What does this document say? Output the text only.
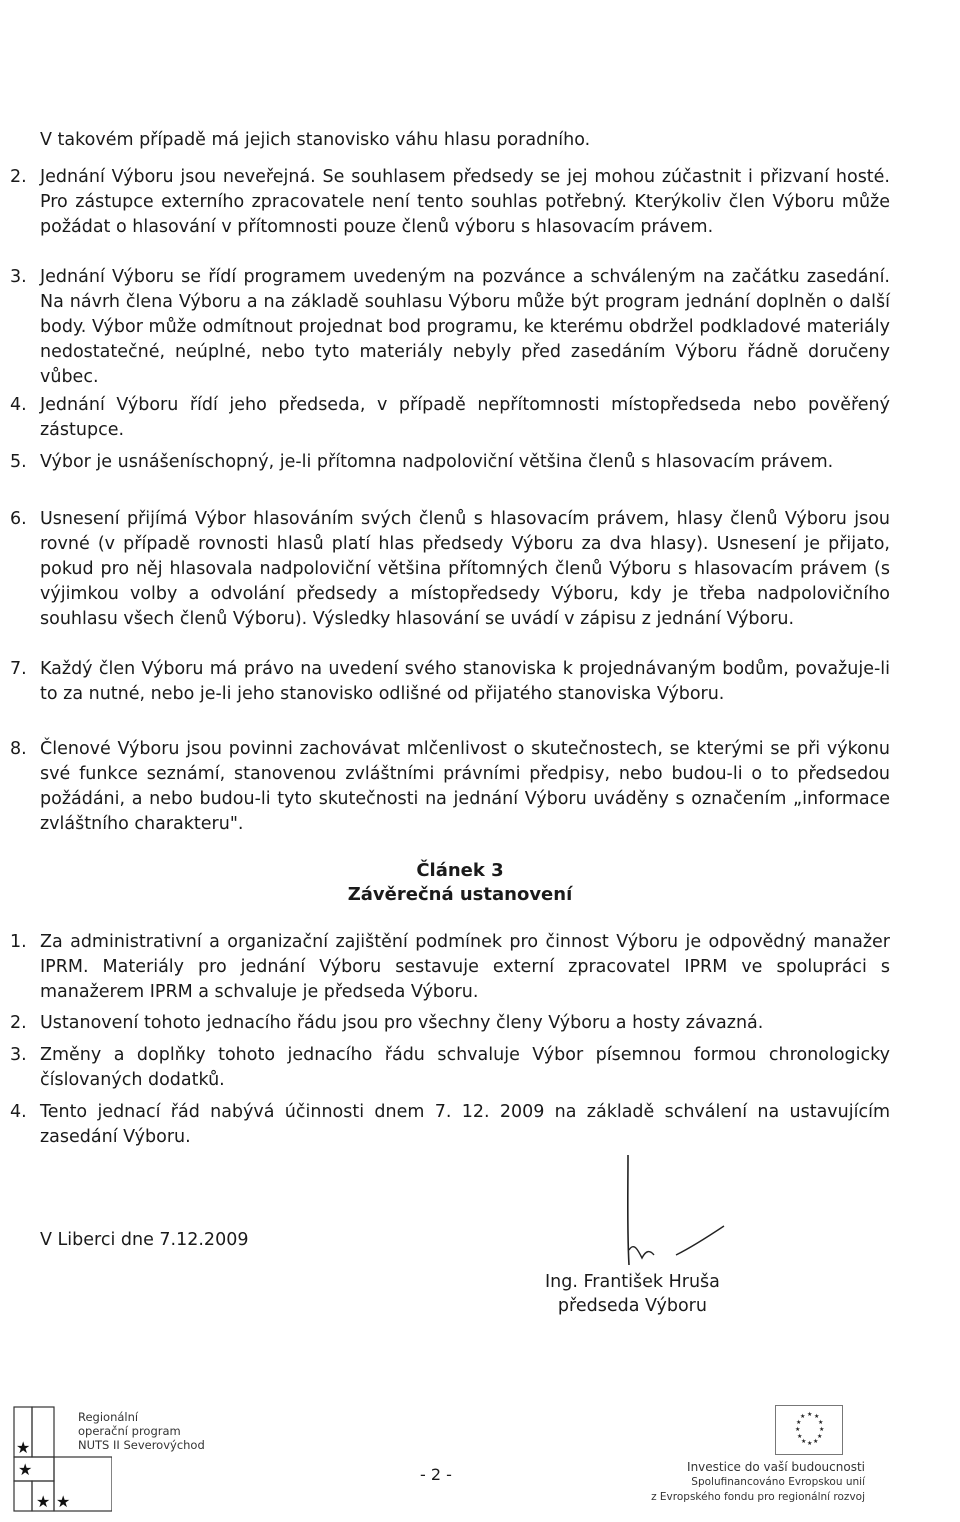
V takovém případě má jejich stanovisko váhu hlasu poradního.

2. Jednání Výboru jsou neveřejná. Se souhlasem předsedy se jej mohou zúčastnit i přizvaní hosté. Pro zástupce externího zpracovatele není tento souhlas potřebný. Kterýkoliv člen Výboru může požádat o hlasování v přítomnosti pouze členů výboru s hlasovacím právem.
3. Jednání Výboru se řídí programem uvedeným na pozvánce a schváleným na začátku zasedání. Na návrh člena Výboru a na základě souhlasu Výboru může být program jednání doplněn o další body. Výbor může odmítnout projednat bod programu, ke kterému obdržel podkladové materiály nedostatečné, neúplné, nebo tyto materiály nebyly před zasedáním Výboru řádně doručeny vůbec.
4. Jednání Výboru řídí jeho předseda, v případě nepřítomnosti místopředseda nebo pověřený zástupce.
5. Výbor je usnášeníschopný, je-li přítomna nadpoloviční většina členů s hlasovacím právem.
6. Usnesení přijímá Výbor hlasováním svých členů s hlasovacím právem, hlasy členů Výboru jsou rovné (v případě rovnosti hlasů platí hlas předsedy Výboru za dva hlasy). Usnesení je přijato, pokud pro něj hlasovala nadpoloviční většina přítomných členů Výboru s hlasovacím právem (s výjimkou volby a odvolání předsedy a místopředsedy Výboru, kdy je třeba nadpolovičního souhlasu všech členů Výboru). Výsledky hlasování se uvádí v zápisu z jednání Výboru.
7. Každý člen Výboru má právo na uvedení svého stanoviska k projednávaným bodům, považuje-li to za nutné, nebo je-li jeho stanovisko odlišné od přijatého stanoviska Výboru.
8. Členové Výboru jsou povinni zachovávat mlčenlivost o skutečnostech, se kterými se při výkonu své funkce seznámí, stanovenou zvláštními právními předpisy, nebo budou-li o to předsedou požádáni, a nebo budou-li tyto skutečnosti na jednání Výboru uváděny s označením „informace zvláštního charakteru".
Článek 3
Závěrečná ustanovení
1. Za administrativní a organizační zajištění podmínek pro činnost Výboru je odpovědný manažer IPRM. Materiály pro jednání Výboru sestavuje externí zpracovatel IPRM ve spolupráci s manažerem IPRM a schvaluje je předseda Výboru.
2. Ustanovení tohoto jednacího řádu jsou pro všechny členy Výboru a hosty závazná.
3. Změny a doplňky tohoto jednacího řádu schvaluje Výbor písemnou formou chronologicky číslovaných dodatků.
4. Tento jednací řád nabývá účinnosti dnem 7. 12. 2009 na základě schválení na ustavujícím zasedání Výboru.
V Liberci dne 7.12.2009
Ing. František Hruša
předseda Výboru
★
★
★ ★
Regionální
operační program
NUTS II Severovýchod
- 2 -
★ ★
★
★
★
★
★
★
★
★
★
★
Investice do vaší budoucnosti
Spolufinancováno Evropskou unií
z Evropského fondu pro regionální rozvoj
